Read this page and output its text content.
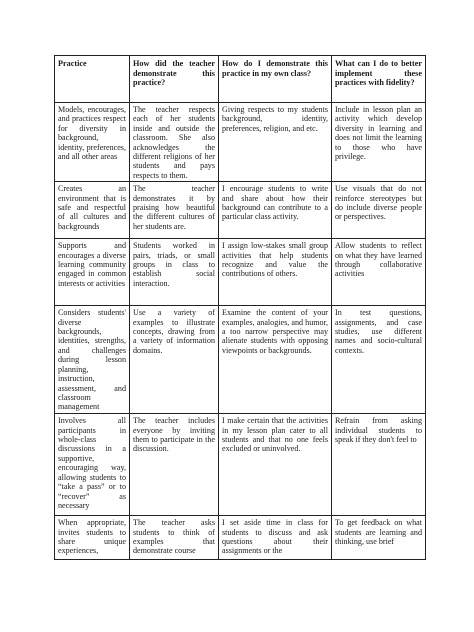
Practice	How did the teacher demonstrate this practice?	How do I demonstrate this practice in my own class?	What can I do to better implement these practices with fidelity?
Models, encourages, and practices respect for diversity in background, identity, preferences, and all other areas	The teacher respects each of her students inside and outside the classroom. She also acknowledges the different religions of her students and pays respects to them.	Giving respects to my students background, identity, preferences, religion, and etc.	Include in lesson plan an activity which develop diversity in learning and does not limit the learning to those who have privilege.
Creates an environment that is safe and respectful of all cultures and backgrounds	The teacher demonstrates it by praising how beautiful the different cultures of her students are.	I encourage students to write and share about how their background can contribute to a particular class activity.	Use visuals that do not reinforce stereotypes but do include diverse people or perspectives.
Supports and encourages a diverse learning community engaged in common interests or activities	Students worked in pairs, triads, or small groups in class to establish social interaction.	I assign low-stakes small group activities that help students recognize and value the contributions of others.	Allow students to reflect on what they have learned through collaborative activities
Considers students' diverse backgrounds, identities, strengths, and challenges during lesson planning, instruction, assessment, and classroom management	Use a variety of examples to illustrate concepts, drawing from a variety of information domains.	Examine the content of your examples, analogies, and humor, a too narrow perspective may alienate students with opposing viewpoints or backgrounds.	In test questions, assignments, and case studies, use different names and socio-cultural contexts.
Involves all participants in whole-class discussions in a supportive, encouraging way, allowing students to “take a pass” or to “recover” as necessary	The teacher includes everyone by inviting them to participate in the discussion.	I make certain that the activities in my lesson plan cater to all students and that no one feels excluded or uninvolved.	Refrain from asking individual students to speak if they don't feel to
When appropriate, invites students to share unique experiences,	The teacher asks students to think of examples that demonstrate course	I set aside time in class for students to discuss and ask questions about their assignments or the	To get feedback on what students are learning and thinking, use brief
